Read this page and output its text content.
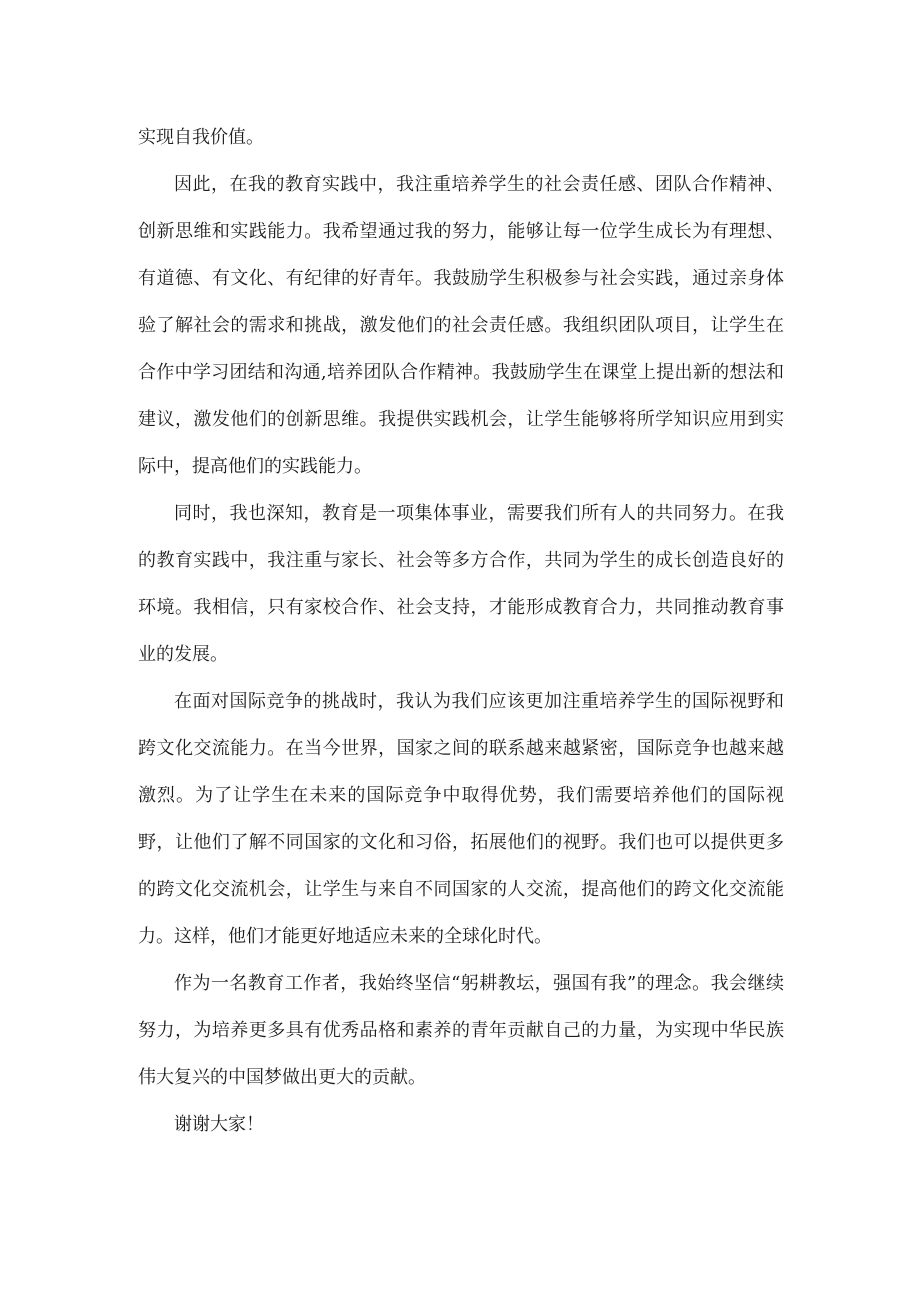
实现自我价值。

因此，在我的教育实践中，我注重培养学生的社会责任感、团队合作精神、创新思维和实践能力。我希望通过我的努力，能够让每一位学生成长为有理想、有道德、有文化、有纪律的好青年。我鼓励学生积极参与社会实践，通过亲身体验了解社会的需求和挑战，激发他们的社会责任感。我组织团队项目，让学生在合作中学习团结和沟通,培养团队合作精神。我鼓励学生在课堂上提出新的想法和建议，激发他们的创新思维。我提供实践机会，让学生能够将所学知识应用到实际中，提高他们的实践能力。

同时，我也深知，教育是一项集体事业，需要我们所有人的共同努力。在我的教育实践中，我注重与家长、社会等多方合作，共同为学生的成长创造良好的环境。我相信，只有家校合作、社会支持，才能形成教育合力，共同推动教育事业的发展。

在面对国际竞争的挑战时，我认为我们应该更加注重培养学生的国际视野和跨文化交流能力。在当今世界，国家之间的联系越来越紧密，国际竞争也越来越激烈。为了让学生在未来的国际竞争中取得优势，我们需要培养他们的国际视野，让他们了解不同国家的文化和习俗，拓展他们的视野。我们也可以提供更多的跨文化交流机会，让学生与来自不同国家的人交流，提高他们的跨文化交流能力。这样，他们才能更好地适应未来的全球化时代。

作为一名教育工作者，我始终坚信“躬耕教坛，强国有我”的理念。我会继续努力，为培养更多具有优秀品格和素养的青年贡献自己的力量，为实现中华民族伟大复兴的中国梦做出更大的贡献。

谢谢大家！
